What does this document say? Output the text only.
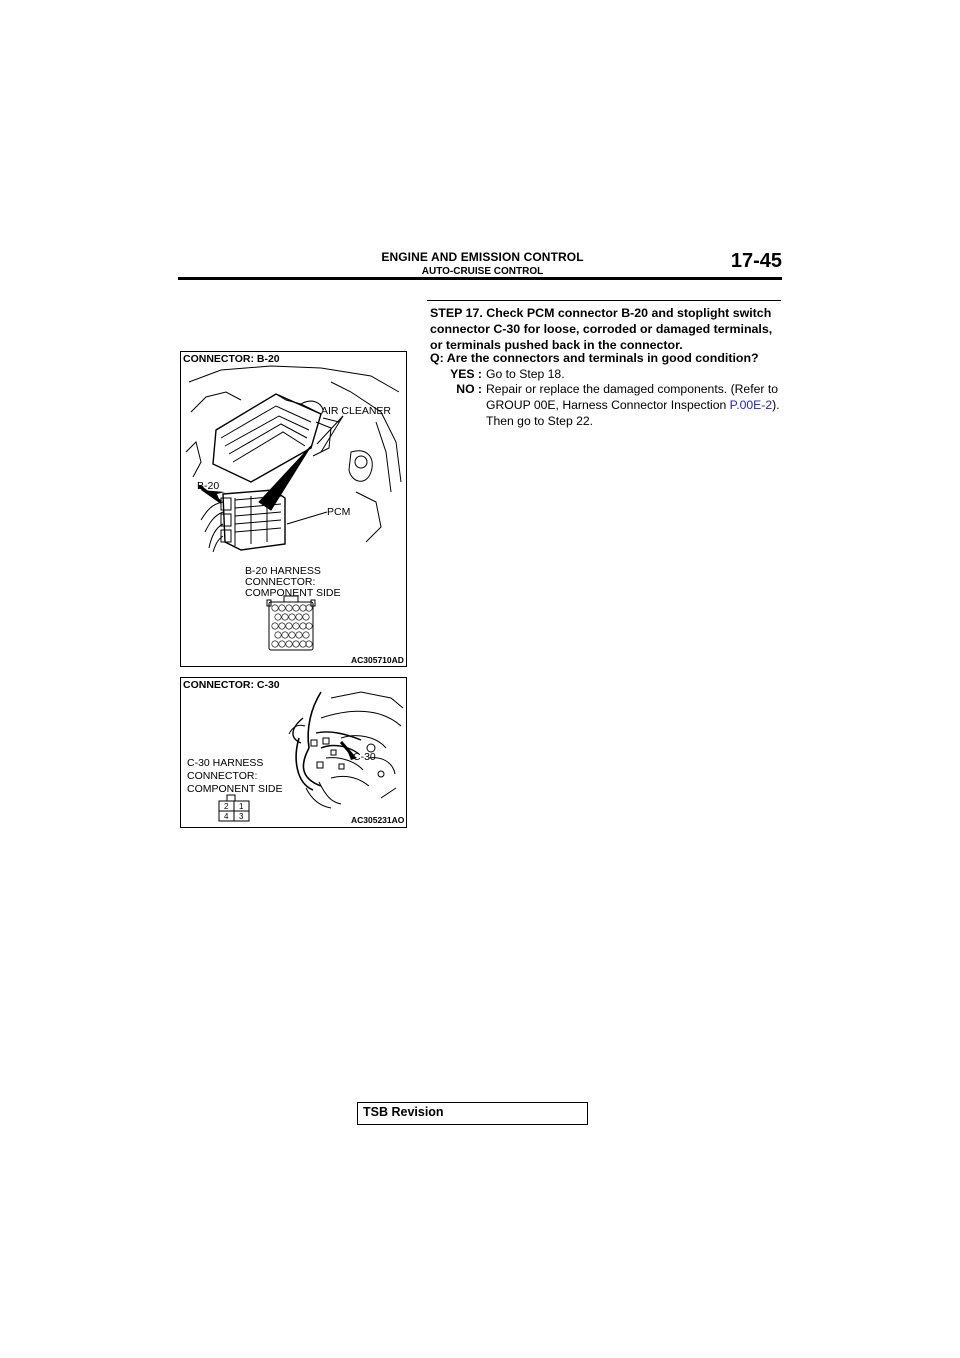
ENGINE AND EMISSION CONTROL
AUTO-CRUISE CONTROL	17-45
STEP 17. Check PCM connector B-20 and stoplight switch connector C-30 for loose, corroded or damaged terminals, or terminals pushed back in the connector.
Q: Are the connectors and terminals in good condition?
YES : Go to Step 18.
NO : Repair or replace the damaged components. (Refer to GROUP 00E, Harness Connector Inspection P.00E-2). Then go to Step 22.
CONNECTOR: B-20
AIR CLEANER
B-20
PCM
B-20 HARNESS
CONNECTOR:
COMPONENT SIDE
AC305710AD
CONNECTOR: C-30
C-30
C-30 HARNESS
CONNECTOR:
COMPONENT SIDE
2 1
4 3	AC305231AO
TSB Revision
